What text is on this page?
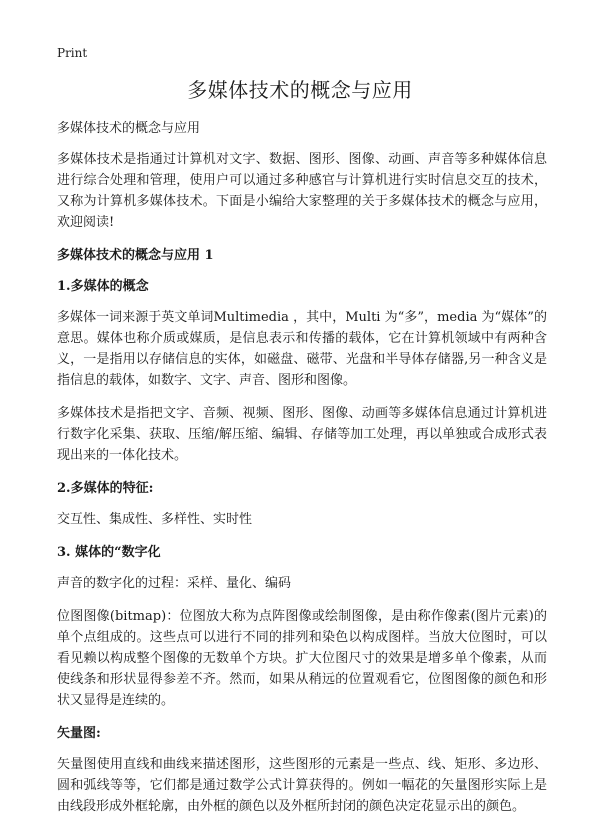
Print
多媒体技术的概念与应用

多媒体技术的概念与应用

多媒体技术是指通过计算机对文字、数据、图形、图像、动画、声音等多种媒体信息进行综合处理和管理，使用户可以通过多种感官与计算机进行实时信息交互的技术，又称为计算机多媒体技术。下面是小编给大家整理的关于多媒体技术的概念与应用，欢迎阅读!

多媒体技术的概念与应用 1
1.多媒体的概念

多媒体一词来源于英文单词Multimedia ，其中，Multi 为“多”，media 为“媒体”的意思。媒体也称介质或媒质，是信息表示和传播的载体，它在计算机领域中有两种含义，一是指用以存储信息的实体，如磁盘、磁带、光盘和半导体存储器,另一种含义是指信息的载体，如数字、文字、声音、图形和图像。

多媒体技术是指把文字、音频、视频、图形、图像、动画等多媒体信息通过计算机进行数字化采集、获取、压缩/解压缩、编辑、存储等加工处理，再以单独或合成形式表现出来的一体化技术。

2.多媒体的特征:

交互性、集成性、多样性、实时性

3. 媒体的“数字化

声音的数字化的过程：采样、量化、编码

位图图像(bitmap)：位图放大称为点阵图像或绘制图像，是由称作像素(图片元素)的单个点组成的。这些点可以进行不同的排列和染色以构成图样。当放大位图时，可以看见赖以构成整个图像的无数单个方块。扩大位图尺寸的效果是增多单个像素，从而使线条和形状显得参差不齐。然而，如果从稍远的位置观看它，位图图像的颜色和形状又显得是连续的。

矢量图:

矢量图使用直线和曲线来描述图形，这些图形的元素是一些点、线、矩形、多边形、圆和弧线等等，它们都是通过数学公式计算获得的。例如一幅花的矢量图形实际上是由线段形成外框轮廓，由外框的颜色以及外框所封闭的颜色决定花显示出的颜色。
